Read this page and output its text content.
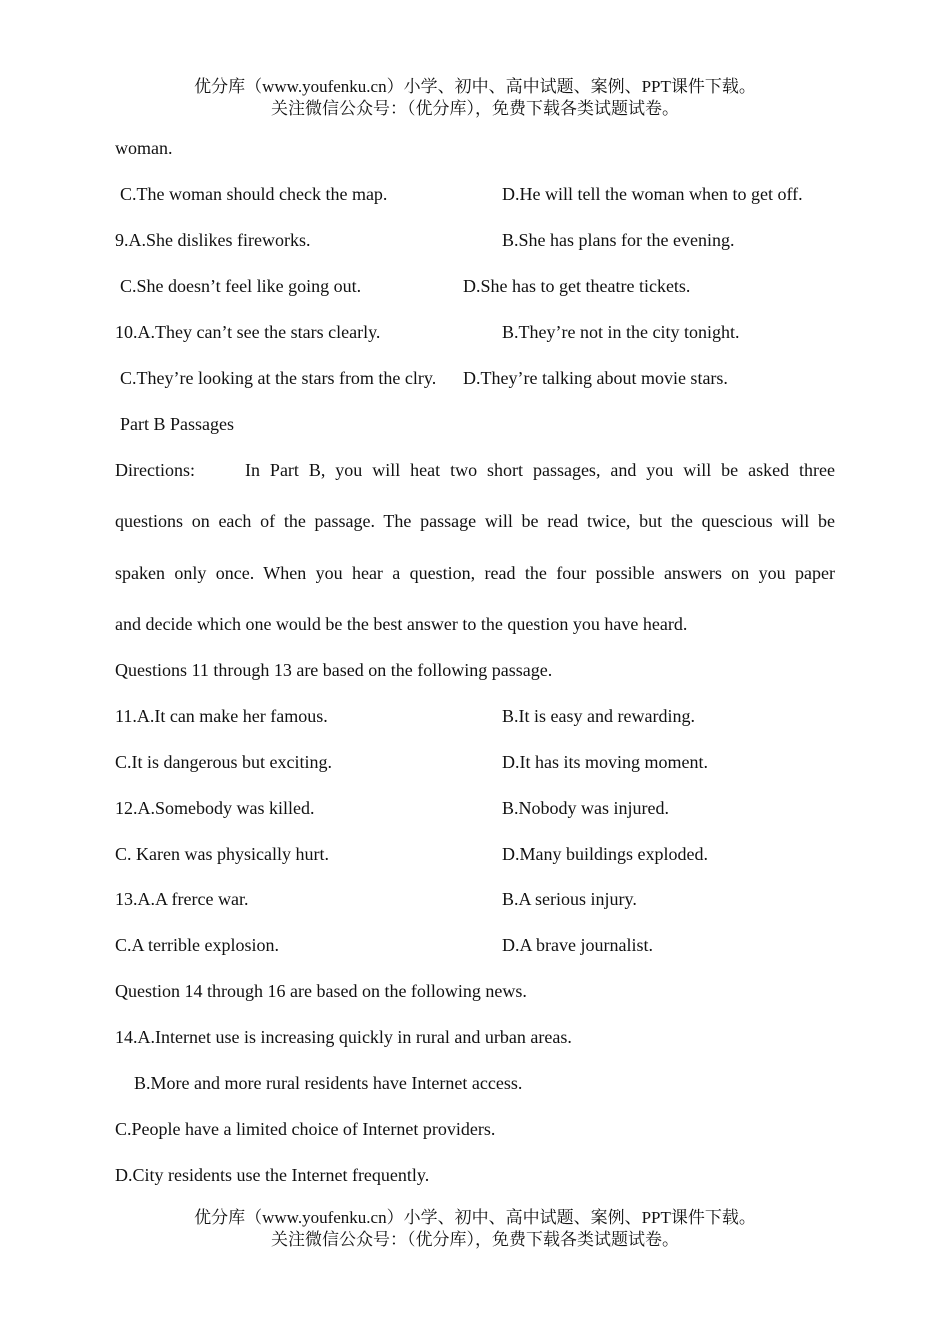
优分库（www.youfenku.cn）小学、初中、高中试题、案例、PPT课件下载。
关注微信公众号：（优分库），免费下载各类试题试卷。
woman.
C.The woman should check the map.	D.He will tell the woman when to get off.
9.A.She dislikes fireworks.	B.She has plans for the evening.
C.She doesn’t feel like going out.	D.She has to get theatre tickets.
10.A.They can’t see the stars clearly.	B.They’re not in the city tonight.
C.They’re looking at the stars from the clry. D.They’re talking about movie stars.
Part B Passages
Directions:	In Part B, you will heat two short passages, and you will be asked three
questions on each of the passage. The passage will be read twice, but the quescious will be
spaken only once. When you hear a question, read the four possible answers on you paper
and decide which one would be the best answer to the question you have heard.
Questions 11 through 13 are based on the following passage.
11.A.It can make her famous.	B.It is easy and rewarding.
C.It is dangerous but exciting.	D.It has its moving moment.
12.A.Somebody was killed.	B.Nobody was injured.
C. Karen was physically hurt.	D.Many buildings exploded.
13.A.A frerce war.	B.A serious injury.
C.A terrible explosion.	D.A brave journalist.
Question 14 through 16 are based on the following news.
14.A.Internet use is increasing quickly in rural and urban areas.
B.More and more rural residents have Internet access.
C.People have a limited choice of Internet providers.
D.City residents use the Internet frequently.
优分库（www.youfenku.cn）小学、初中、高中试题、案例、PPT课件下载。
关注微信公众号：（优分库），免费下载各类试题试卷。
